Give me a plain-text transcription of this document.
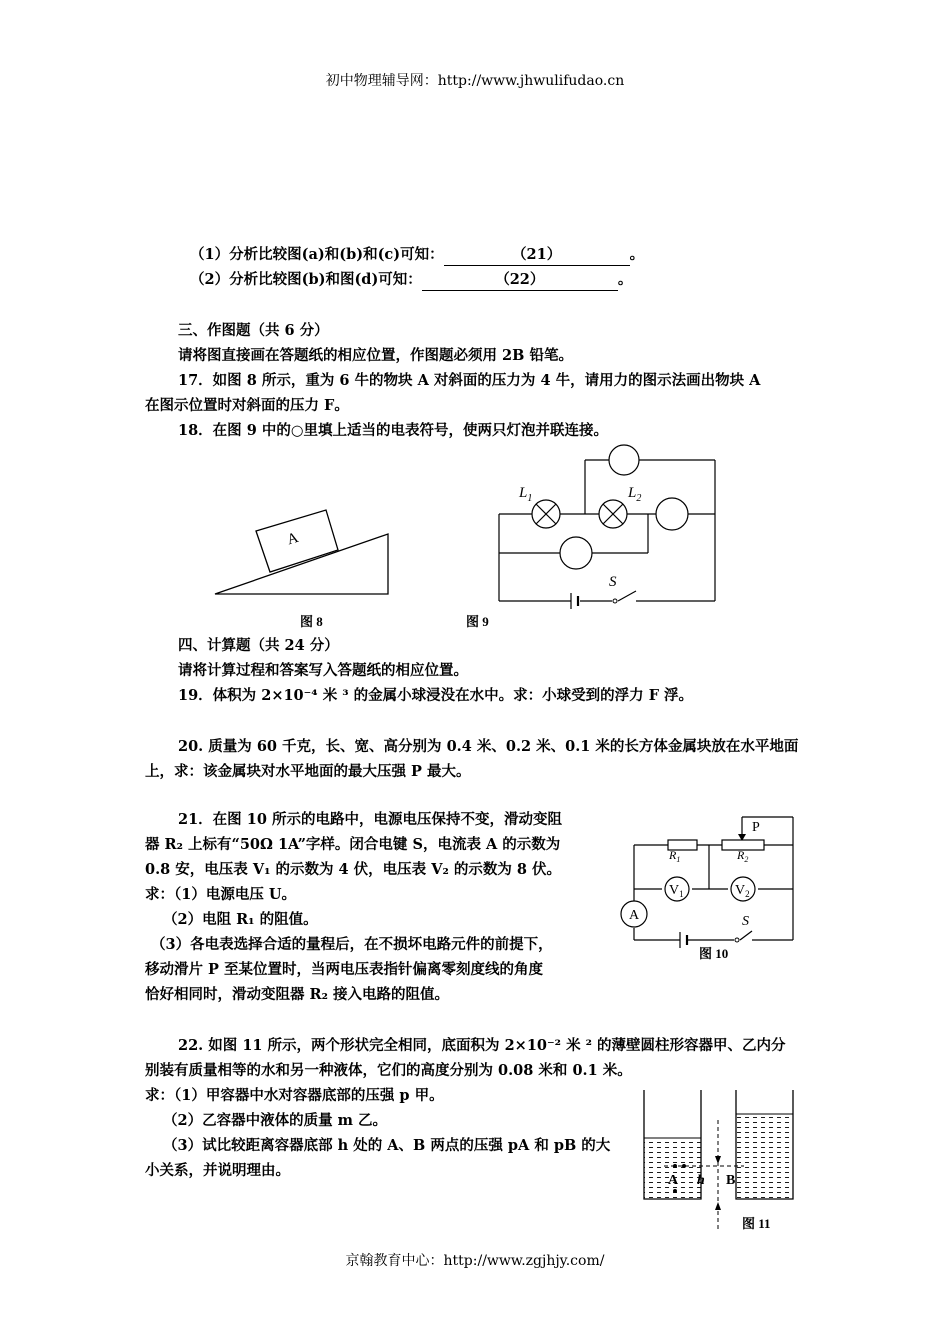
初中物理辅导网：http://www.jhwulifudao.cn
（1）分析比较图(a)和(b)和(c)可知：	（21）	。
（2）分析比较图(b)和图(d)可知：	（22）	。
三、作图题（共 6 分）
请将图直接画在答题纸的相应位置，作图题必须用 2B 铅笔。
17．如图 8 所示，重为 6 牛的物块 A 对斜面的压力为 4 牛，请用力的图示法画出物块 A
在图示位置时对斜面的压力 F。
18．在图 9 中的○里填上适当的电表符号，使两只灯泡并联连接。
A
图 8
$L_1$	$L_2$
S
图 9
四、计算题（共 24 分）
请将计算过程和答案写入答题纸的相应位置。
19．体积为 2×10⁻⁴ 米 ³ 的金属小球浸没在水中。求：小球受到的浮力 F 浮。
20. 质量为 60 千克，长、宽、高分别为 0.4 米、0.2 米、0.1 米的长方体金属块放在水平地面
上，求：该金属块对水平地面的最大压强 P 最大。
21．在图 10 所示的电路中，电源电压保持不变，滑动变阻
器 R₂ 上标有“50Ω 1A”字样。闭合电键 S，电流表 A 的示数为
0.8 安，电压表 V₁ 的示数为 4 伏，电压表 V₂ 的示数为 8 伏。
求：（1）电源电压 U。
（2）电阻 R₁ 的阻值。
（3）各电表选择合适的量程后，在不损坏电路元件的前提下，
移动滑片 P 至某位置时，当两电压表指针偏离零刻度线的角度
恰好相同时，滑动变阻器 R₂ 接入电路的阻值。
P
$R_1$	$R_2$
$V_1$	$V_2$
A	S
图 10
22. 如图 11 所示，两个形状完全相同，底面积为 2×10⁻² 米 ² 的薄壁圆柱形容器甲、乙内分
别装有质量相等的水和另一种液体，它们的高度分别为 0.08 米和 0.1 米。
求：（1）甲容器中水对容器底部的压强 p 甲。
（2）乙容器中液体的质量 m 乙。
（3）试比较距离容器底部 h 处的 A、B 两点的压强 pA 和 pB 的大
小关系，并说明理由。
A h B
图 11
京翰教育中心：http://www.zgjhjy.com/
